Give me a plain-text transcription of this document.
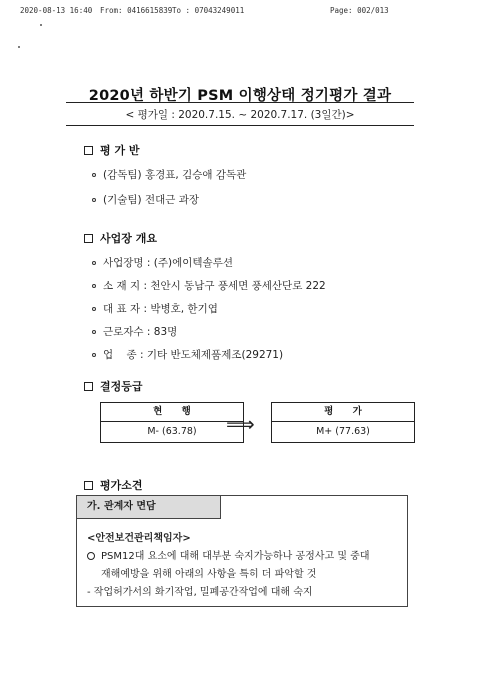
2020-08-13 16:40 From: 0416615839 To : 07043249011	Page: 002/013
2020년 하반기 PSM 이행상태 정기평가 결과
< 평가일 : 2020.7.15. ~ 2020.7.17. (3일간)>
평 가 반
(감독팀) 홍경표, 김승애 감독관
(기술팀) 전대근 과장
사업장 개요
사업장명 : (주)에이텍솔루션
소 재 지 : 천안시 동남구 풍세면 풍세산단로 222
대 표 자 : 박병호, 한기엽
근로자수 : 83명
업    종 : 기타 반도체제품제조(29271)
결정등급
현 행
M- (63.78)	⟹
평 가
M+ (77.63)
평가소견
가. 관계자 면담
<안전보건관리책임자>
PSM12대 요소에 대해 대부분 숙지가능하나 공정사고 및 중대
재해예방을 위해 아래의 사항을 특히 더 파악할 것
- 작업허가서의 화기작업, 밀폐공간작업에 대해 숙지
